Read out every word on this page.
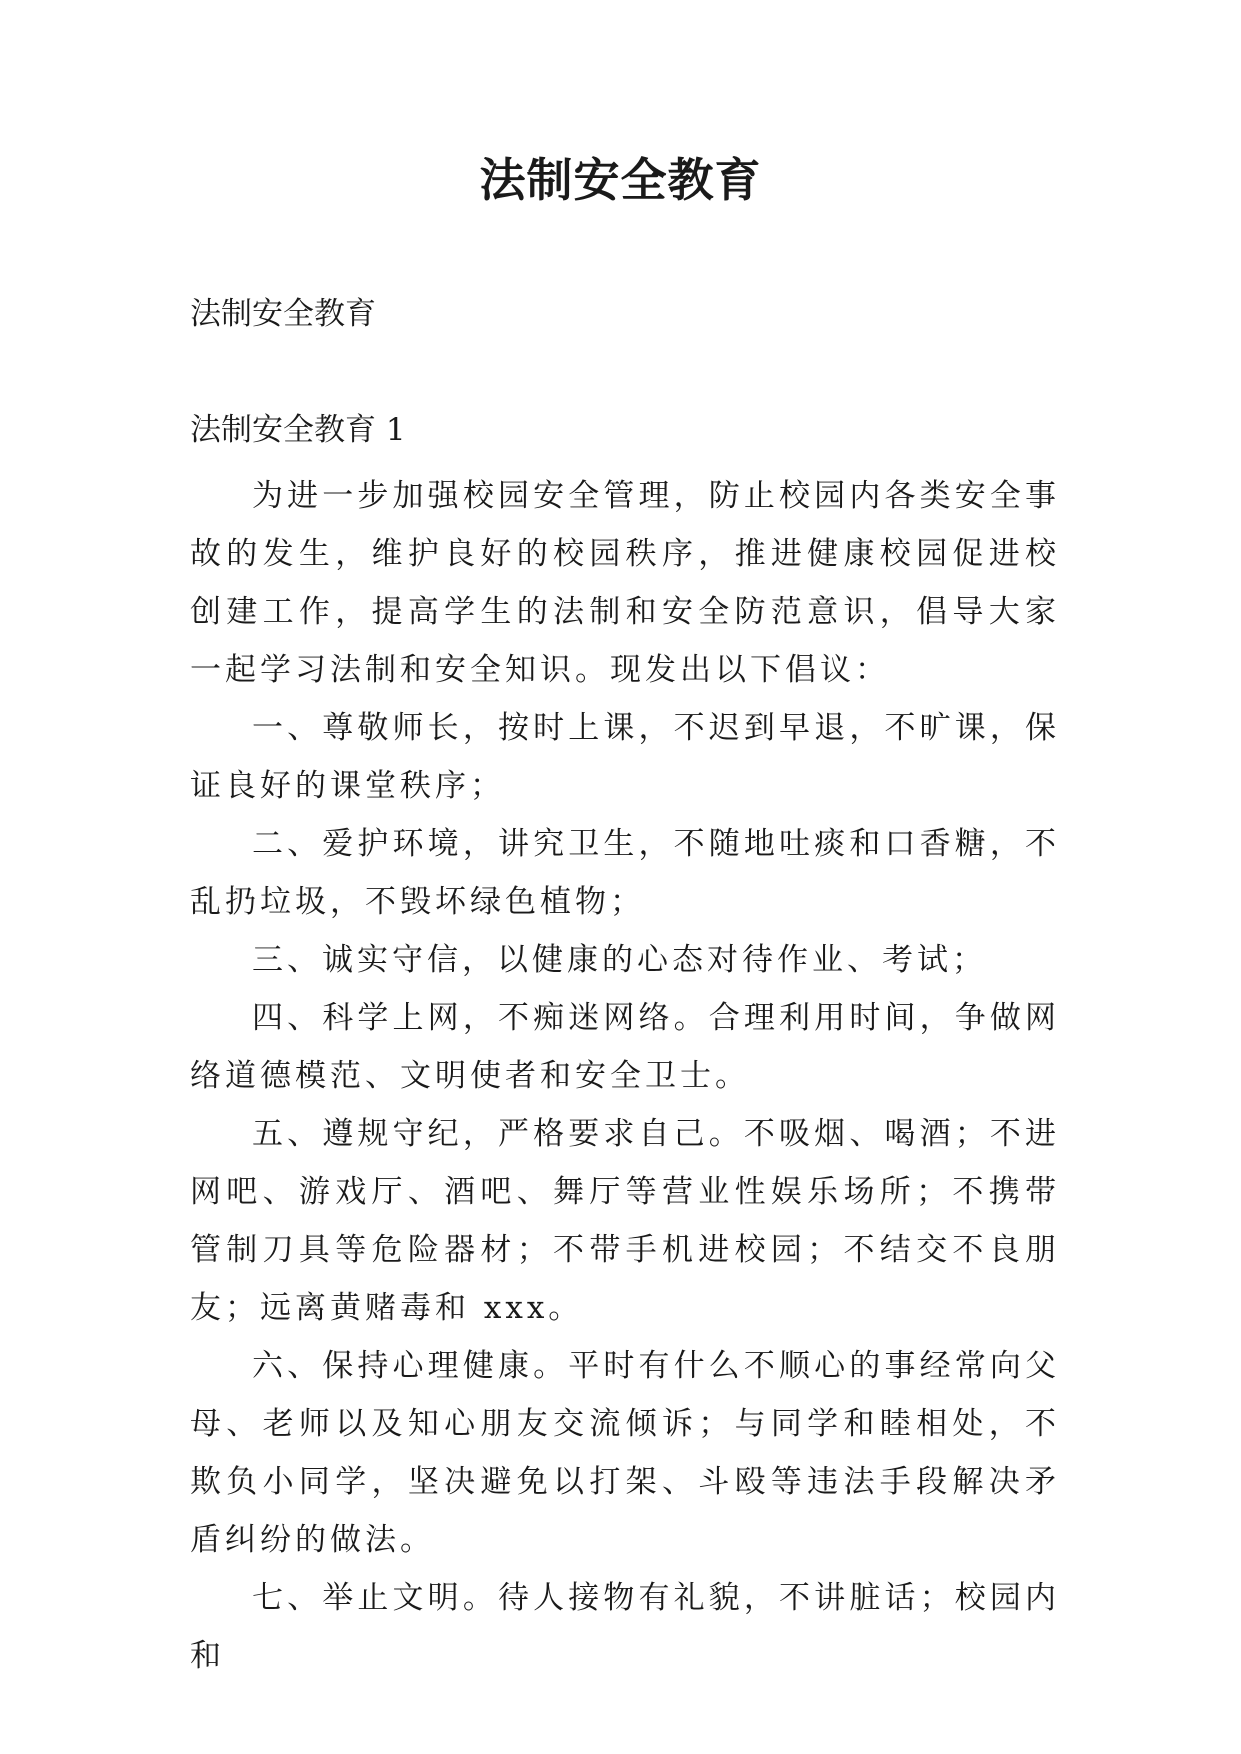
法制安全教育

法制安全教育

法制安全教育 1

为进一步加强校园安全管理，防止校园内各类安全事故的发生，维护良好的校园秩序，推进健康校园促进校创建工作，提高学生的法制和安全防范意识，倡导大家一起学习法制和安全知识。现发出以下倡议：

一、尊敬师长，按时上课，不迟到早退，不旷课，保证良好的课堂秩序；

二、爱护环境，讲究卫生，不随地吐痰和口香糖，不乱扔垃圾，不毁坏绿色植物；

三、诚实守信，以健康的心态对待作业、考试；

四、科学上网，不痴迷网络。合理利用时间，争做网络道德模范、文明使者和安全卫士。

五、遵规守纪，严格要求自己。不吸烟、喝酒；不进网吧、游戏厅、酒吧、舞厅等营业性娱乐场所；不携带管制刀具等危险器材；不带手机进校园；不结交不良朋友；远离黄赌毒和 xxx。

六、保持心理健康。平时有什么不顺心的事经常向父母、老师以及知心朋友交流倾诉；与同学和睦相处，不欺负小同学，坚决避免以打架、斗殴等违法手段解决矛盾纠纷的做法。

七、举止文明。待人接物有礼貌，不讲脏话；校园内和
